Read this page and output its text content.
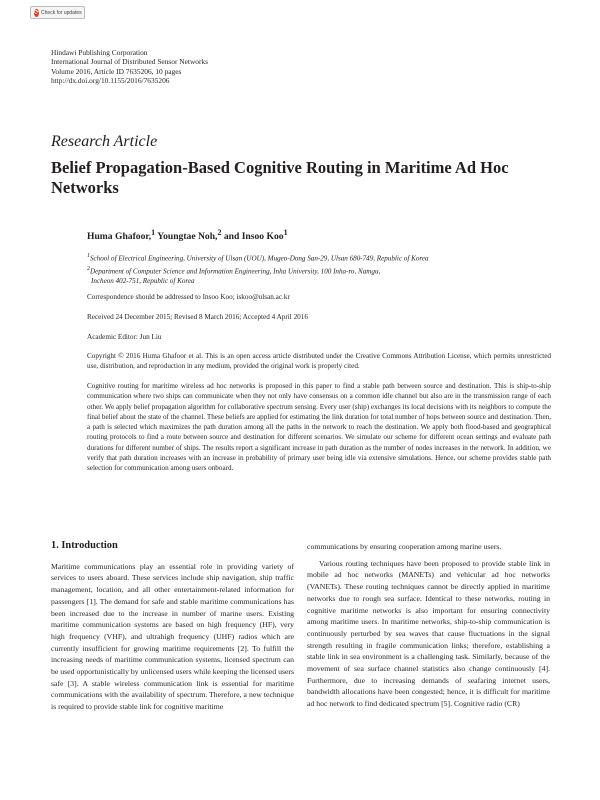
⟳ Check for updates
Hindawi Publishing Corporation
International Journal of Distributed Sensor Networks
Volume 2016, Article ID 7635206, 10 pages
http://dx.doi.org/10.1155/2016/7635206
Research Article
Belief Propagation-Based Cognitive Routing in Maritime Ad Hoc Networks
Huma Ghafoor,$^1$ Youngtae Noh,$^2$ and Insoo Koo$^1$
$^1$School of Electrical Engineering, University of Ulsan (UOU), Mugeo-Dong San-29, Ulsan 680-749, Republic of Korea
$^2$Department of Computer Science and Information Engineering, Inha University, 100 Inha-ro, Namgu,
Incheon 402-751, Republic of Korea
Correspondence should be addressed to Insoo Koo; iskoo@ulsan.ac.kr
Received 24 December 2015; Revised 8 March 2016; Accepted 4 April 2016
Academic Editor: Jun Liu
Copyright © 2016 Huma Ghafoor et al. This is an open access article distributed under the Creative Commons Attribution License, which permits unrestricted use, distribution, and reproduction in any medium, provided the original work is properly cited.
Cognitive routing for maritime wireless ad hoc networks is proposed in this paper to find a stable path between source and destination. This is ship-to-ship communication where two ships can communicate when they not only have consensus on a common idle channel but also are in the transmission range of each other. We apply belief propagation algorithm for collaborative spectrum sensing. Every user (ship) exchanges its local decisions with its neighbors to compute the final belief about the state of the channel. These beliefs are applied for estimating the link duration for total number of hops between source and destination. Then, a path is selected which maximizes the path duration among all the paths in the network to reach the destination. We apply both flood-based and geographical routing protocols to find a route between source and destination for different scenarios. We simulate our scheme for different ocean settings and evaluate path durations for different number of ships. The results report a significant increase in path duration as the number of nodes increases in the network. In addition, we verify that path duration increases with an increase in probability of primary user being idle via extensive simulations. Hence, our scheme provides stable path selection for communication among users onboard.
1. Introduction

Maritime communications play an essential role in providing variety of services to users aboard. These services include ship navigation, ship traffic management, location, and all other entertainment-related information for passengers [1]. The demand for safe and stable maritime communications has been increased due to the increase in number of marine users. Existing maritime communication systems are based on high frequency (HF), very high frequency (VHF), and ultrahigh frequency (UHF) radios which are currently insufficient for growing maritime requirements [2]. To fulfill the increasing needs of maritime communication systems, licensed spectrum can be used opportunistically by unlicensed users while keeping the licensed users safe [3]. A stable wireless communication link is essential for maritime communications with the availability of spectrum. Therefore, a new technique is required to provide stable link for cognitive maritime

communications by ensuring cooperation among marine users.

Various routing techniques have been proposed to provide stable link in mobile ad hoc networks (MANETs) and vehicular ad hoc networks (VANETs). These routing techniques cannot be directly applied in maritime networks due to rough sea surface. Identical to these networks, routing in cognitive maritime networks is also important for ensuring connectivity among maritime users. In maritime networks, ship-to-ship communication is continuously perturbed by sea waves that cause fluctuations in the signal strength resulting in fragile communication links; therefore, establishing a stable link in sea environment is a challenging task. Similarly, because of the movement of sea surface channel statistics also change continuously [4]. Furthermore, due to increasing demands of seafaring internet users, bandwidth allocations have been congested; hence, it is difficult for maritime ad hoc network to find dedicated spectrum [5]. Cognitive radio (CR)
